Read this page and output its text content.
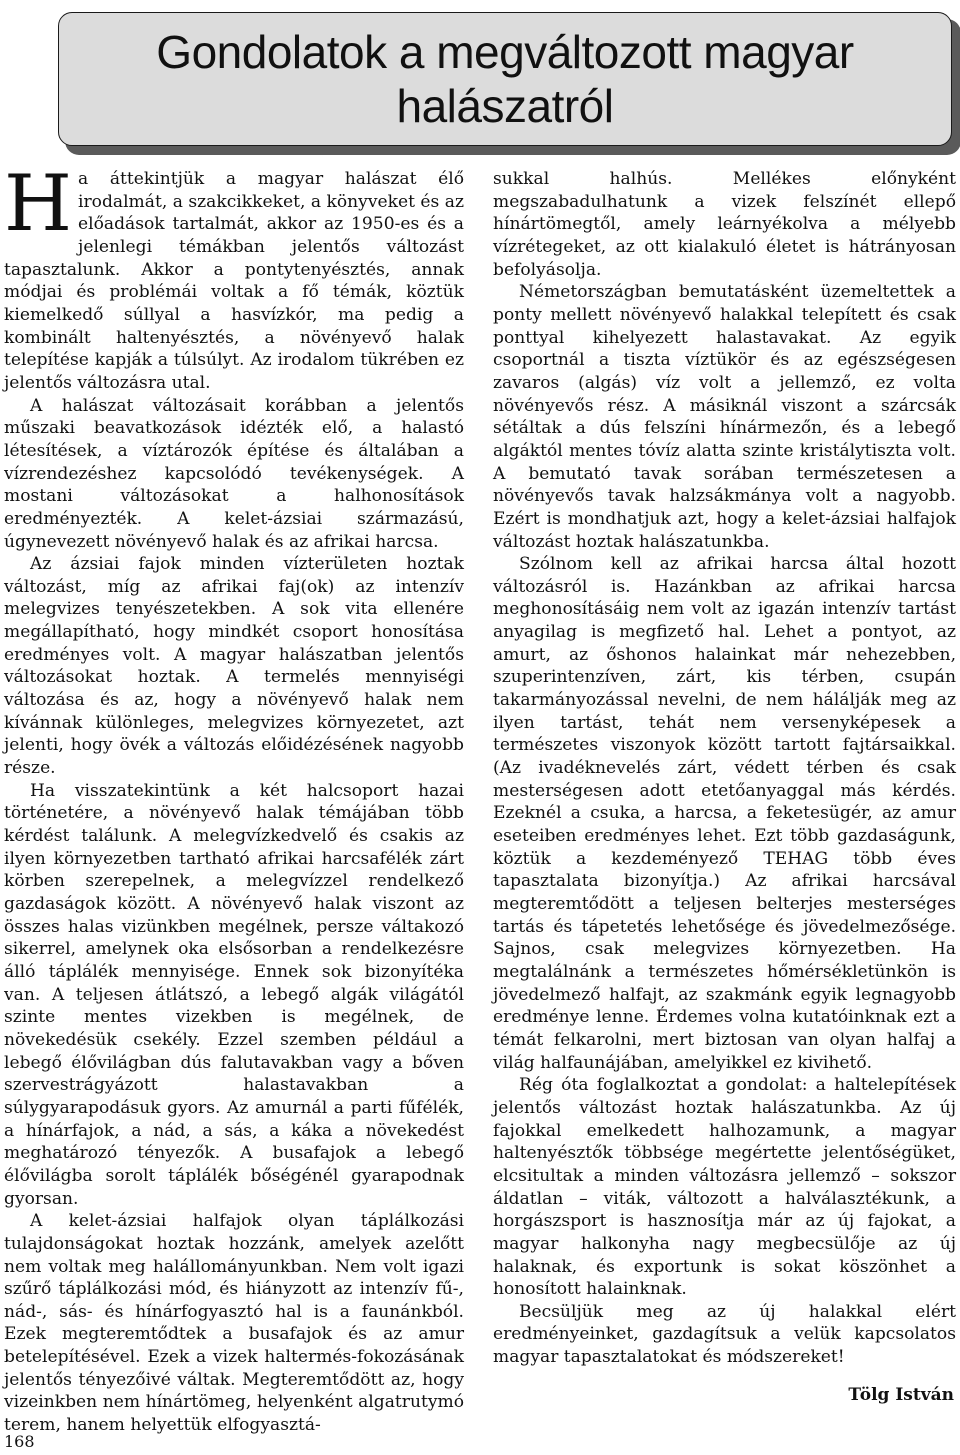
Gondolatok a megváltozott magyar
halászatról

Ha áttekintjük a magyar halászat élő irodalmát, a szakcikkeket, a könyveket és az előadások tartalmát, akkor az 1950-es és a jelenlegi témákban jelentős változást tapasztalunk. Akkor a pontytenyésztés, annak módjai és problémái voltak a fő témák, köztük kiemelkedő súllyal a hasvízkór, ma pedig a kombinált haltenyésztés, a növényevő halak telepítése kapják a túlsúlyt. Az irodalom tükrében ez jelentős változásra utal.

A halászat változásait korábban a jelentős műszaki beavatkozások idézték elő, a halastó létesítések, a víztározók építése és általában a vízrendezéshez kapcsolódó tevékenységek. A mostani változásokat a halhonosítások eredményezték. A kelet-ázsiai származású, úgynevezett növényevő halak és az afrikai harcsa.

Az ázsiai fajok minden vízterületen hoztak változást, míg az afrikai faj(ok) az intenzív melegvizes tenyészetekben. A sok vita ellenére megállapítható, hogy mindkét csoport honosítása eredményes volt. A magyar halászatban jelentős változásokat hoztak. A termelés mennyiségi változása és az, hogy a növényevő halak nem kívánnak különleges, melegvizes környezetet, azt jelenti, hogy övék a változás előidézésének nagyobb része.

Ha visszatekintünk a két halcsoport hazai történetére, a növényevő halak témájában több kérdést találunk. A melegvízkedvelő és csakis az ilyen környezetben tartható afrikai harcsafélék zárt körben szerepelnek, a melegvízzel rendelkező gazdaságok között. A növényevő halak viszont az összes halas vizünkben megélnek, persze váltakozó sikerrel, amelynek oka elsősorban a rendelkezésre álló táplálék mennyisége. Ennek sok bizonyítéka van. A teljesen átlátszó, a lebegő algák világától szinte mentes vizekben is megélnek, de növekedésük csekély. Ezzel szemben például a lebegő élővilágban dús falutavakban vagy a bőven szervestrágyázott halastavakban a súlygyarapodásuk gyors. Az amurnál a parti fűfélék, a hínárfajok, a nád, a sás, a káka a növekedést meghatározó tényezők. A busafajok a lebegő élővilágba sorolt táplálék bőségénél gyarapodnak gyorsan.

A kelet-ázsiai halfajok olyan táplálkozási tulajdonságokat hoztak hozzánk, amelyek azelőtt nem voltak meg halállományunkban. Nem volt igazi szűrő táplálkozási mód, és hiányzott az intenzív fű-, nád-, sás- és hínárfogyasztó hal is a faunánkból. Ezek megteremtődtek a busafajok és az amur betelepítésével. Ezek a vizek haltermés-fokozásának jelentős tényezőivé váltak. Megteremtődött az, hogy vizeinkben nem hínártömeg, helyenként algatrutymó terem, hanem helyettük elfogyasztá-

sukkal halhús. Mellékes előnyként megszabadulhatunk a vizek felszínét ellepő hínártömegtől, amely leárnyékolva a mélyebb vízrétegeket, az ott kialakuló életet is hátrányosan befolyásolja.

Németországban bemutatásként üzemeltettek a ponty mellett növényevő halakkal telepített és csak ponttyal kihelyezett halastavakat. Az egyik csoportnál a tiszta víztükör és az egészségesen zavaros (algás) víz volt a jellemző, ez volta növényevős rész. A másiknál viszont a szárcsák sétáltak a dús felszíni hínármezőn, és a lebegő algáktól mentes tóvíz alatta szinte kristálytiszta volt. A bemutató tavak sorában természetesen a növényevős tavak halzsákmánya volt a nagyobb. Ezért is mondhatjuk azt, hogy a kelet-ázsiai halfajok változást hoztak halászatunkba.

Szólnom kell az afrikai harcsa által hozott változásról is. Hazánkban az afrikai harcsa meghonosításáig nem volt az igazán intenzív tartást anyagilag is megfizető hal. Lehet a pontyot, az amurt, az őshonos halainkat már nehezebben, szuperintenzíven, zárt, kis térben, csupán takarmányozással nevelni, de nem hálálják meg az ilyen tartást, tehát nem versenyképesek a természetes viszonyok között tartott fajtársaikkal. (Az ivadéknevelés zárt, védett térben és csak mesterségesen adott etetőanyaggal más kérdés. Ezeknél a csuka, a harcsa, a feketesügér, az amur eseteiben eredményes lehet. Ezt több gazdaságunk, köztük a kezdeményező TEHAG több éves tapasztalata bizonyítja.) Az afrikai harcsával megteremtődött a teljesen belterjes mesterséges tartás és tápetetés lehetősége és jövedelmezősége. Sajnos, csak melegvizes környezetben. Ha megtalálnánk a természetes hőmérsékletünkön is jövedelmező halfajt, az szakmánk egyik legnagyobb eredménye lenne. Érdemes volna kutatóinknak ezt a témát felkarolni, mert biztosan van olyan halfaj a világ halfaunájában, amelyikkel ez kivihető.

Rég óta foglalkoztat a gondolat: a haltelepítések jelentős változást hoztak halászatunkba. Az új fajokkal emelkedett halhozamunk, a magyar haltenyésztők többsége megértette jelentőségüket, elcsitultak a minden változásra jellemző – sokszor áldatlan – viták, változott a halválasztékunk, a horgászsport is hasznosítja már az új fajokat, a magyar halkonyha nagy megbecsülője az új halaknak, és exportunk is sokat köszönhet a honosított halainknak.

Becsüljük meg az új halakkal elért eredményeinket, gazdagítsuk a velük kapcsolatos magyar tapasztalatokat és módszereket!

Tölg István
168
